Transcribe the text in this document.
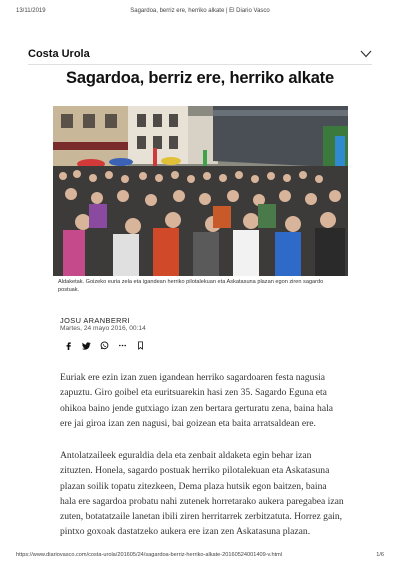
13/11/2019	Sagardoa, berriz ere, herriko alkate | El Diario Vasco
Costa Urola
Sagardoa, berriz ere, herriko alkate
Aldaketak. Goizeko euria zela eta igandean herriko pilotalekuan eta Askatasuna plazan egon ziren sagardo postuak.
JOSU ARANBERRI
Martes, 24 mayo 2016, 00:14
Euriak ere ezin izan zuen igandean herriko sagardoaren festa nagusia zapuztu. Giro goibel eta euritsuarekin hasi zen 35. Sagardo Eguna eta ohikoa baino jende gutxiago izan zen bertara gerturatu zena, baina hala ere jai giroa izan zen nagusi, bai goizean eta baita arratsaldean ere.
Antolatzaileek eguraldia dela eta zenbait aldaketa egin behar izan zituzten. Honela, sagardo postuak herriko pilotalekuan eta Askatasuna plazan soilik topatu zitezkeen, Dema plaza hutsik egon baitzen, baina hala ere sagardoa probatu nahi zutenek horretarako aukera paregabea izan zuten, botatatzaile lanetan ibili ziren herritarrek zerbitzatuta. Horrez gain, pintxo goxoak dastatzeko aukera ere izan zen Askatasuna plazan.
https://www.diariovasco.com/costa-urola/201605/24/sagardoa-berriz-herriko-alkate-20160524001409-v.html	1/6
